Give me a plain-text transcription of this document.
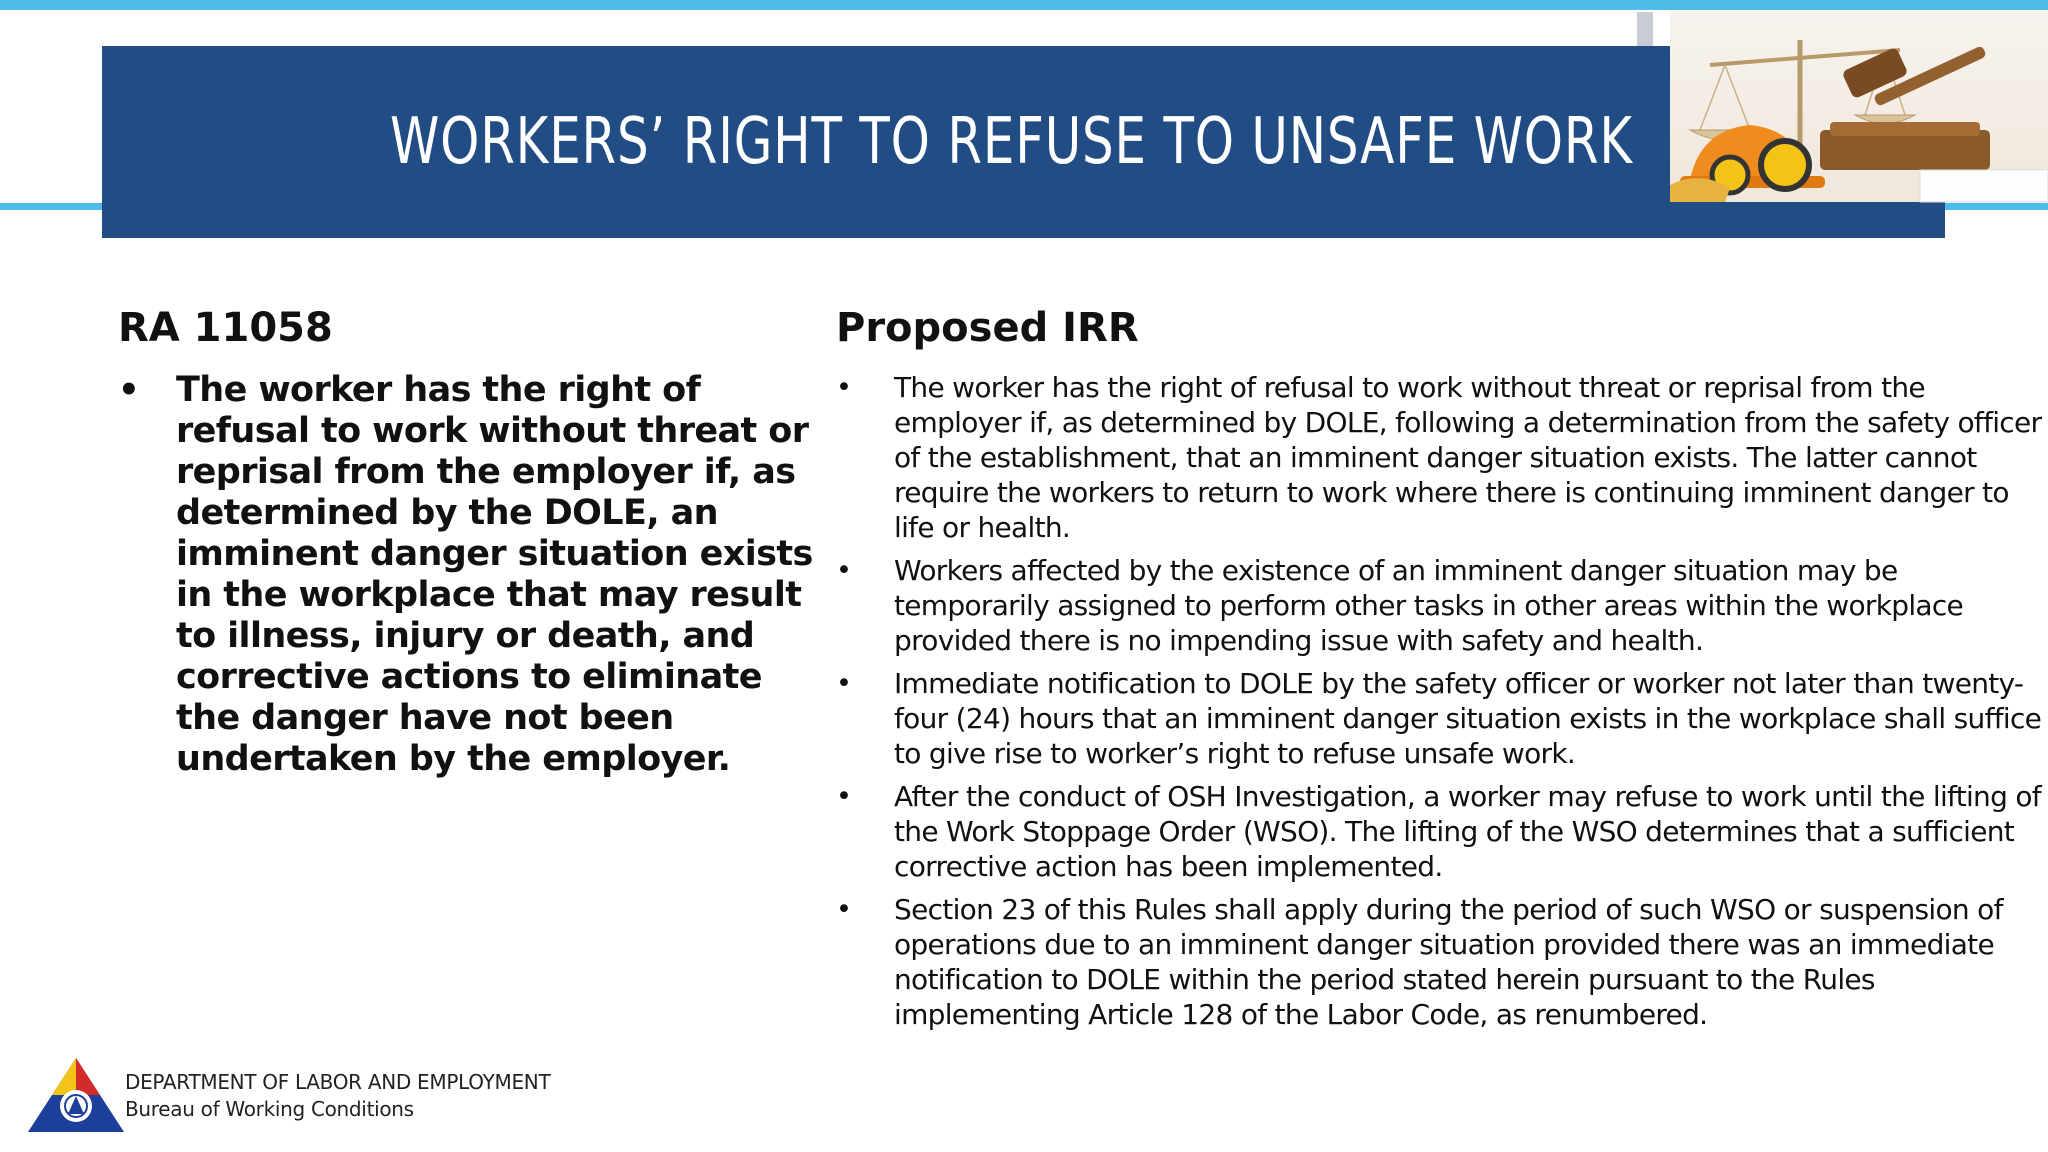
WORKERS’ RIGHT TO REFUSE TO UNSAFE WORK
RA 11058
• The worker has the right of refusal to work without threat or reprisal from the employer if, as determined by the DOLE, an imminent danger situation exists in the workplace that may result to illness, injury or death, and corrective actions to eliminate the danger have not been undertaken by the employer.
Proposed IRR
• The worker has the right of refusal to work without threat or reprisal from the employer if, as determined by DOLE, following a determination from the safety officer of the establishment, that an imminent danger situation exists. The latter cannot require the workers to return to work where there is continuing imminent danger to life or health.
• Workers affected by the existence of an imminent danger situation may be temporarily assigned to perform other tasks in other areas within the workplace provided there is no impending issue with safety and health.
• Immediate notification to DOLE by the safety officer or worker not later than twenty-four (24) hours that an imminent danger situation exists in the workplace shall suffice to give rise to worker’s right to refuse unsafe work.
• After the conduct of OSH Investigation, a worker may refuse to work until the lifting of the Work Stoppage Order (WSO). The lifting of the WSO determines that a sufficient corrective action has been implemented.
• Section 23 of this Rules shall apply during the period of such WSO or suspension of operations due to an imminent danger situation provided there was an immediate notification to DOLE within the period stated herein pursuant to the Rules implementing Article 128 of the Labor Code, as renumbered.
DEPARTMENT OF LABOR AND EMPLOYMENT
Bureau of Working Conditions
